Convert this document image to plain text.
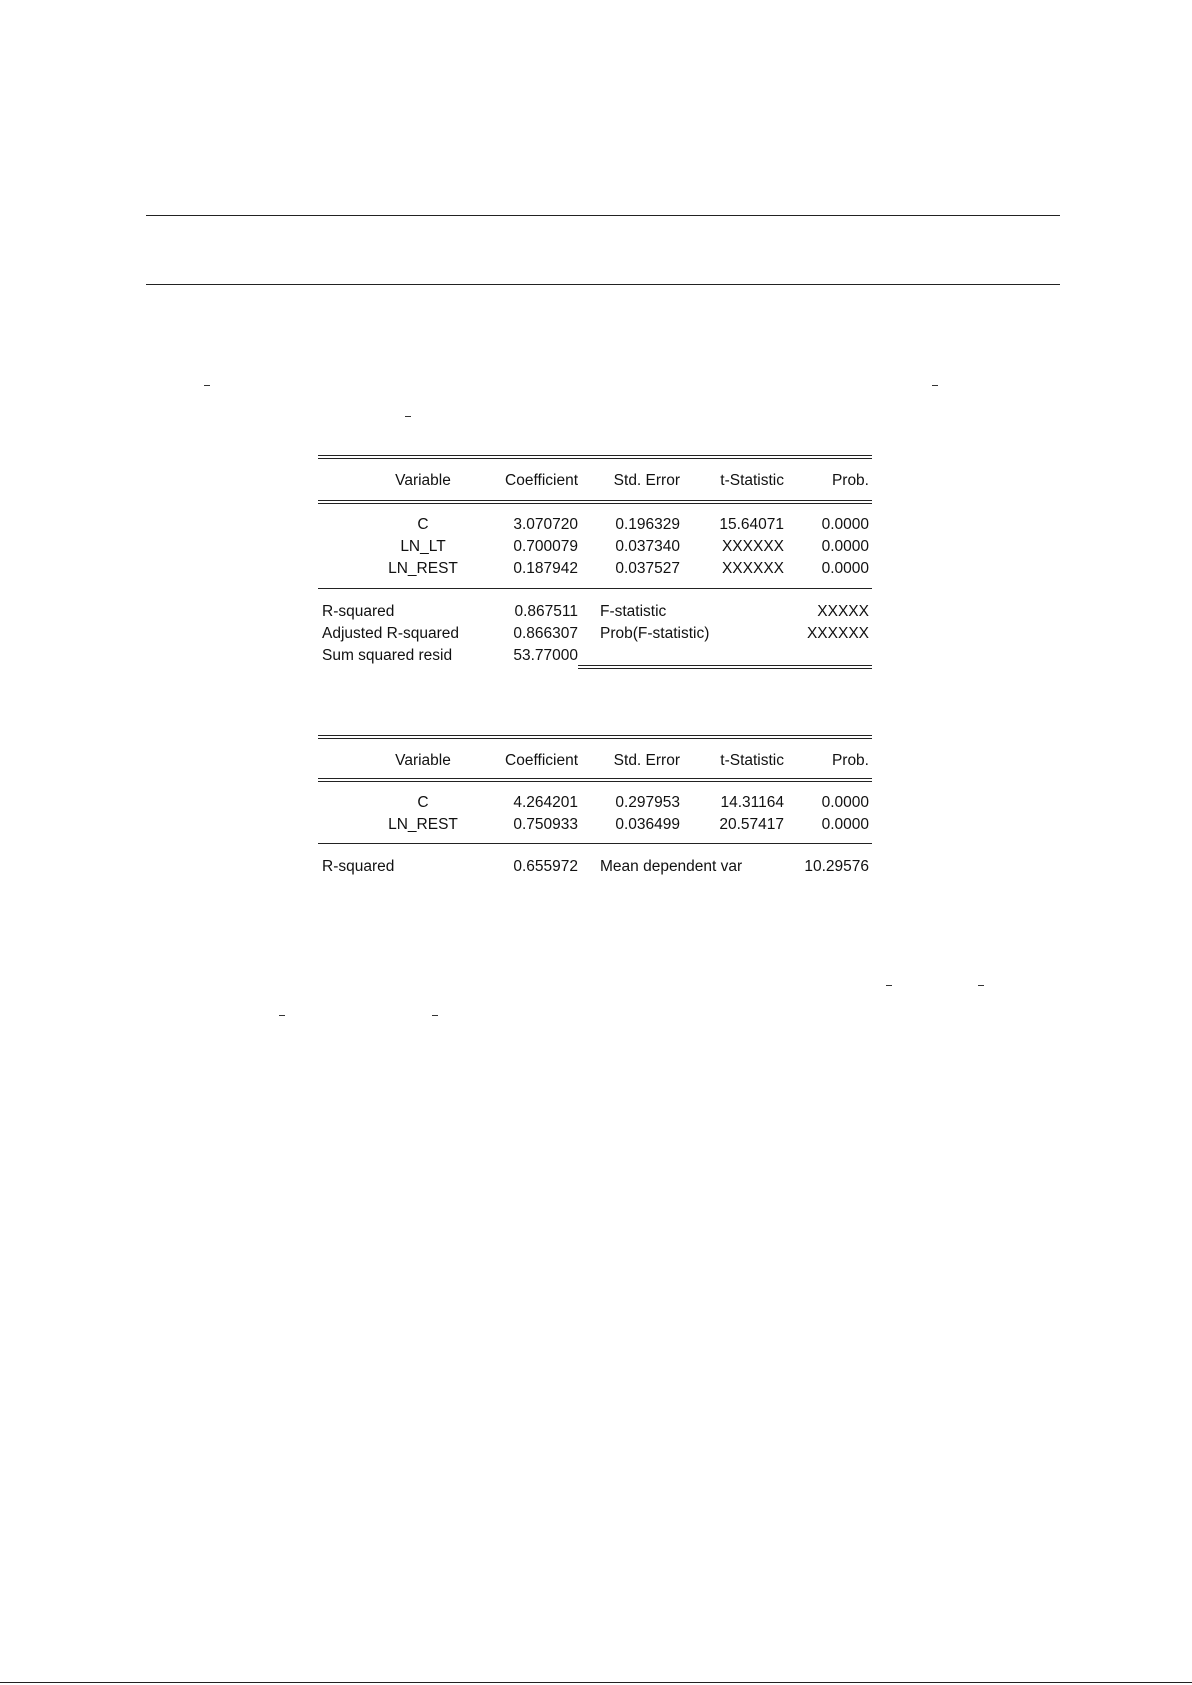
Variable	Coefficient	Std. Error	t-Statistic	Prob.
C	3.070720	0.196329	15.64071	0.0000
LN_LT	0.700079	0.037340	XXXXXX	0.0000
LN_REST	0.187942	0.037527	XXXXXX	0.0000
R-squared	0.867511 F-statistic	XXXXX
Adjusted R-squared	0.866307 Prob(F-statistic)	XXXXXX
Sum squared resid	53.77000
Variable	Coefficient	Std. Error	t-Statistic	Prob.
C	4.264201	0.297953	14.31164	0.0000
LN_REST	0.750933	0.036499	20.57417	0.0000
R-squared	0.655972 Mean dependent var	10.29576
